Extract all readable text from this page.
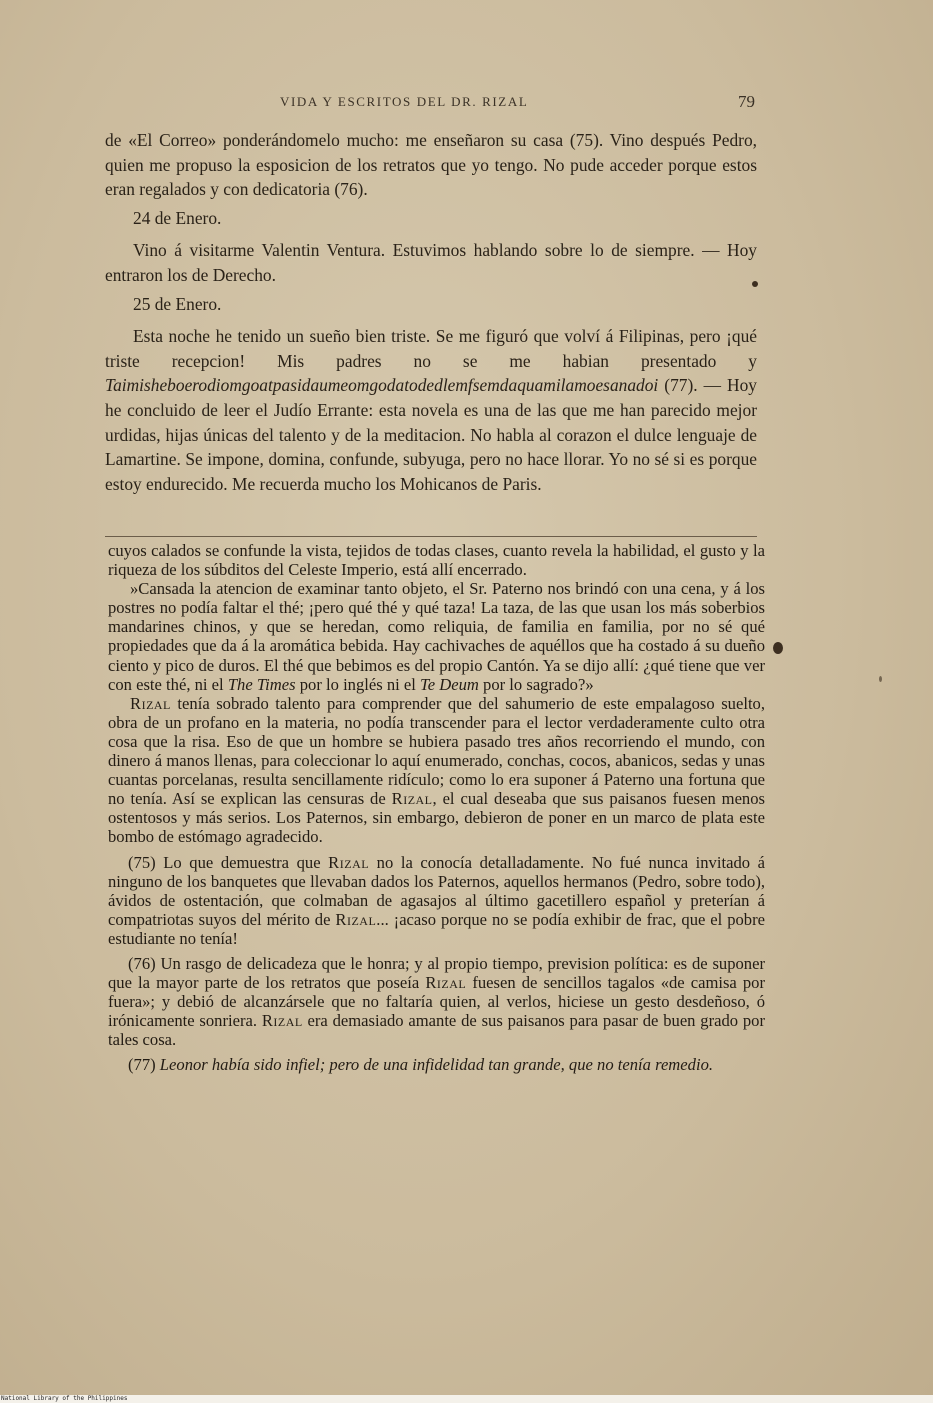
VIDA Y ESCRITOS DEL DR. RIZAL	79

de «El Correo» ponderándomelo mucho: me enseñaron su casa (75). Vino después Pedro, quien me propuso la esposicion de los retratos que yo tengo. No pude acceder porque estos eran regalados y con dedicatoria (76).

24 de Enero.

Vino á visitarme Valentin Ventura. Estuvimos hablando sobre lo de siempre. — Hoy entraron los de Derecho.

25 de Enero.

Esta noche he tenido un sueño bien triste. Se me figuró que volví á Filipinas, pero ¡qué triste recepcion! Mis padres no se me habian presentado y Taimisheboerodiomgoatpasidaumeomgodatodedlemfsemdaquamilamoesanadoi (77). — Hoy he concluido de leer el Judío Errante: esta novela es una de las que me han parecido mejor urdidas, hijas únicas del talento y de la meditacion. No habla al corazon el dulce lenguaje de Lamartine. Se impone, domina, confunde, subyuga, pero no hace llorar. Yo no sé si es porque estoy endurecido. Me recuerda mucho los Mohicanos de Paris.

cuyos calados se confunde la vista, tejidos de todas clases, cuanto revela la habilidad, el gusto y la riqueza de los súbditos del Celeste Imperio, está allí encerrado.

»Cansada la atencion de examinar tanto objeto, el Sr. Paterno nos brindó con una cena, y á los postres no podía faltar el thé; ¡pero qué thé y qué taza! La taza, de las que usan los más soberbios mandarines chinos, y que se heredan, como reliquia, de familia en familia, por no sé qué propiedades que da á la aromática bebida. Hay cachivaches de aquéllos que ha costado á su dueño ciento y pico de duros. El thé que bebimos es del propio Cantón. Ya se dijo allí: ¿qué tiene que ver con este thé, ni el The Times por lo inglés ni el Te Deum por lo sagrado?»

Rizal tenía sobrado talento para comprender que del sahumerio de este empalagoso suelto, obra de un profano en la materia, no podía transcender para el lector verdaderamente culto otra cosa que la risa. Eso de que un hombre se hubiera pasado tres años recorriendo el mundo, con dinero á manos llenas, para coleccionar lo aquí enumerado, conchas, cocos, abanicos, sedas y unas cuantas porcelanas, resulta sencillamente ridículo; como lo era suponer á Paterno una fortuna que no tenía. Así se explican las censuras de Rizal, el cual deseaba que sus paisanos fuesen menos ostentosos y más serios. Los Paternos, sin embargo, debieron de poner en un marco de plata este bombo de estómago agradecido.

(75) Lo que demuestra que Rizal no la conocía detalladamente. No fué nunca invitado á ninguno de los banquetes que llevaban dados los Paternos, aquellos hermanos (Pedro, sobre todo), ávidos de ostentación, que colmaban de agasajos al último gacetillero español y preterían á compatriotas suyos del mérito de Rizal... ¡acaso porque no se podía exhibir de frac, que el pobre estudiante no tenía!

(76) Un rasgo de delicadeza que le honra; y al propio tiempo, prevision política: es de suponer que la mayor parte de los retratos que poseía Rizal fuesen de sencillos tagalos «de camisa por fuera»; y debió de alcanzársele que no faltaría quien, al verlos, hiciese un gesto desdeñoso, ó irónicamente sonriera. Rizal era demasiado amante de sus paisanos para pasar de buen grado por tales cosa.

(77) Leonor había sido infiel; pero de una infidelidad tan grande, que no tenía remedio.

National Library of the Philippines
